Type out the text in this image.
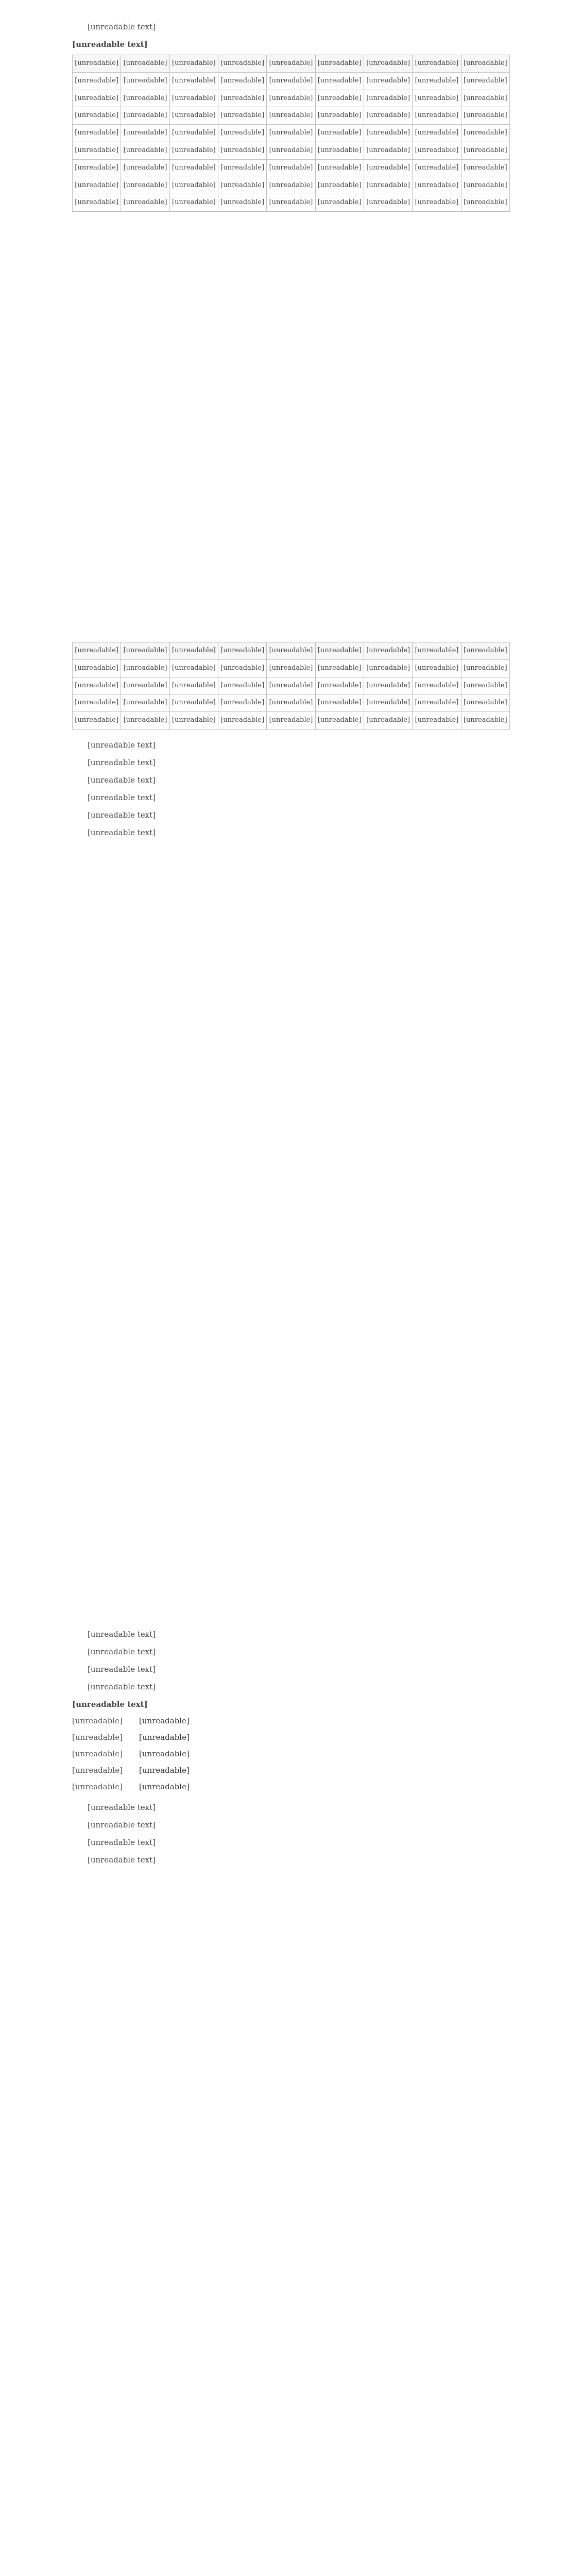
[unreadable text]

[unreadable text]
[unreadable]	[unreadable]	[unreadable]	[unreadable]	[unreadable]	[unreadable]	[unreadable]	[unreadable]	[unreadable]
[unreadable]	[unreadable]	[unreadable]	[unreadable]	[unreadable]	[unreadable]	[unreadable]	[unreadable]	[unreadable]
[unreadable]	[unreadable]	[unreadable]	[unreadable]	[unreadable]	[unreadable]	[unreadable]	[unreadable]	[unreadable]
[unreadable]	[unreadable]	[unreadable]	[unreadable]	[unreadable]	[unreadable]	[unreadable]	[unreadable]	[unreadable]
[unreadable]	[unreadable]	[unreadable]	[unreadable]	[unreadable]	[unreadable]	[unreadable]	[unreadable]	[unreadable]
[unreadable]	[unreadable]	[unreadable]	[unreadable]	[unreadable]	[unreadable]	[unreadable]	[unreadable]	[unreadable]
[unreadable]	[unreadable]	[unreadable]	[unreadable]	[unreadable]	[unreadable]	[unreadable]	[unreadable]	[unreadable]
[unreadable]	[unreadable]	[unreadable]	[unreadable]	[unreadable]	[unreadable]	[unreadable]	[unreadable]	[unreadable]
[unreadable]	[unreadable]	[unreadable]	[unreadable]	[unreadable]	[unreadable]	[unreadable]	[unreadable]	[unreadable]
[unreadable]	[unreadable]	[unreadable]	[unreadable]	[unreadable]	[unreadable]	[unreadable]	[unreadable]	[unreadable]
[unreadable]	[unreadable]	[unreadable]	[unreadable]	[unreadable]	[unreadable]	[unreadable]	[unreadable]	[unreadable]
[unreadable]	[unreadable]	[unreadable]	[unreadable]	[unreadable]	[unreadable]	[unreadable]	[unreadable]	[unreadable]
[unreadable]	[unreadable]	[unreadable]	[unreadable]	[unreadable]	[unreadable]	[unreadable]	[unreadable]	[unreadable]
[unreadable]	[unreadable]	[unreadable]	[unreadable]	[unreadable]	[unreadable]	[unreadable]	[unreadable]	[unreadable]

[unreadable text]

[unreadable text]

[unreadable text]

[unreadable text]

[unreadable text]

[unreadable text]

[unreadable text]

[unreadable text]

[unreadable text]

[unreadable text]

[unreadable text]
[unreadable]	[unreadable]
[unreadable]	[unreadable]
[unreadable]	[unreadable]
[unreadable]	[unreadable]
[unreadable]	[unreadable]

[unreadable text]

[unreadable text]

[unreadable text]

[unreadable text]
